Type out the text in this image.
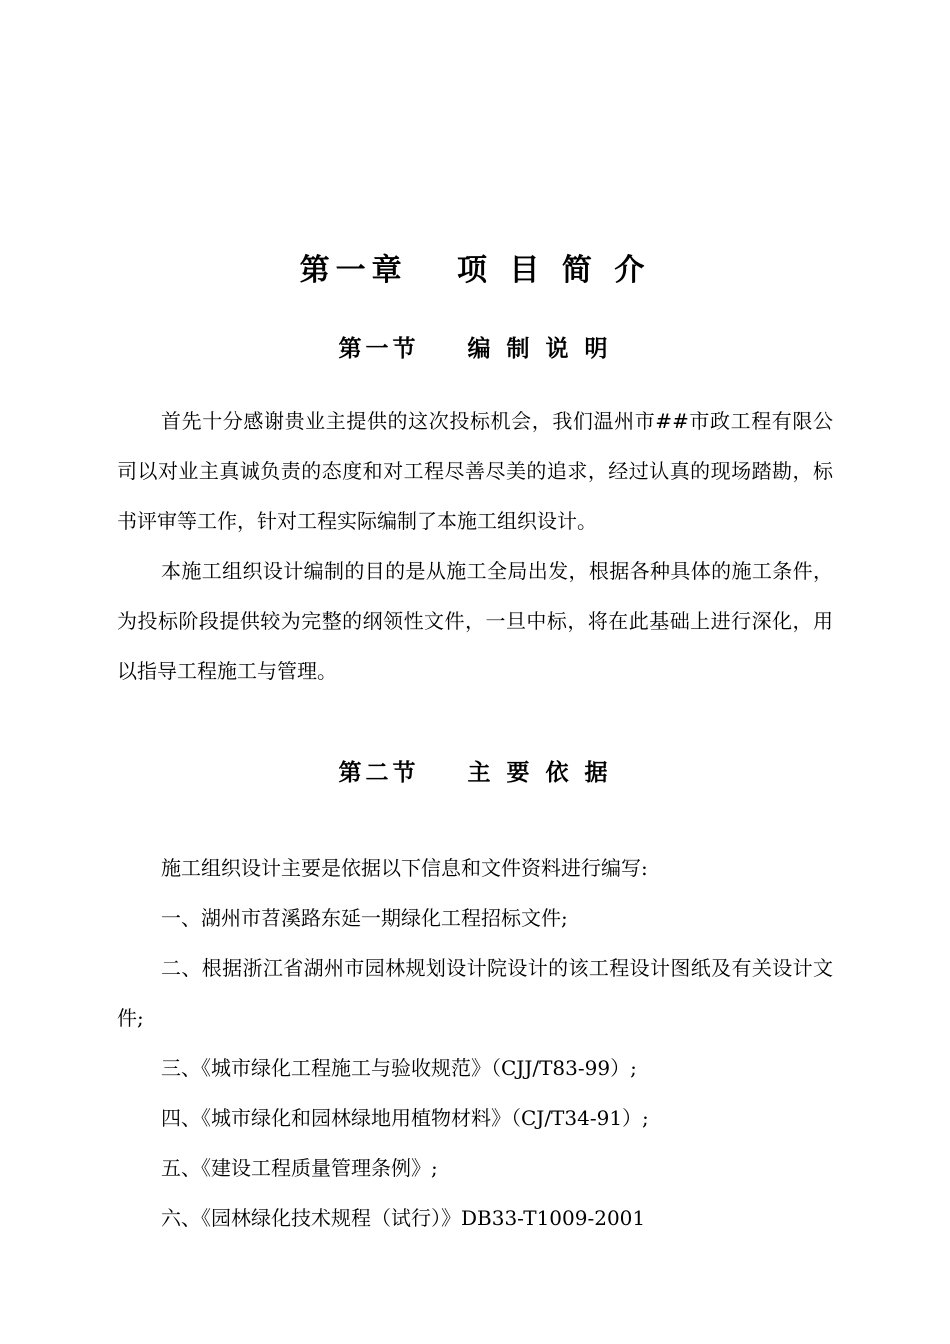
第一章   项 目 简 介
第一节    编 制 说 明

首先十分感谢贵业主提供的这次投标机会，我们温州市##市政工程有限公司以对业主真诚负责的态度和对工程尽善尽美的追求，经过认真的现场踏勘，标书评审等工作，针对工程实际编制了本施工组织设计。

本施工组织设计编制的目的是从施工全局出发，根据各种具体的施工条件，为投标阶段提供较为完整的纲领性文件，一旦中标，将在此基础上进行深化，用以指导工程施工与管理。

第二节    主 要 依 据
施工组织设计主要是依据以下信息和文件资料进行编写:
一、湖州市苕溪路东延一期绿化工程招标文件;
二、根据浙江省湖州市园林规划设计院设计的该工程设计图纸及有关设计文件;
三、《城市绿化工程施工与验收规范》（CJJ/T83-99）;
四、《城市绿化和园林绿地用植物材料》（CJ/T34-91）;
五、《建设工程质量管理条例》;
六、《园林绿化技术规程（试行）》DB33-T1009-2001
